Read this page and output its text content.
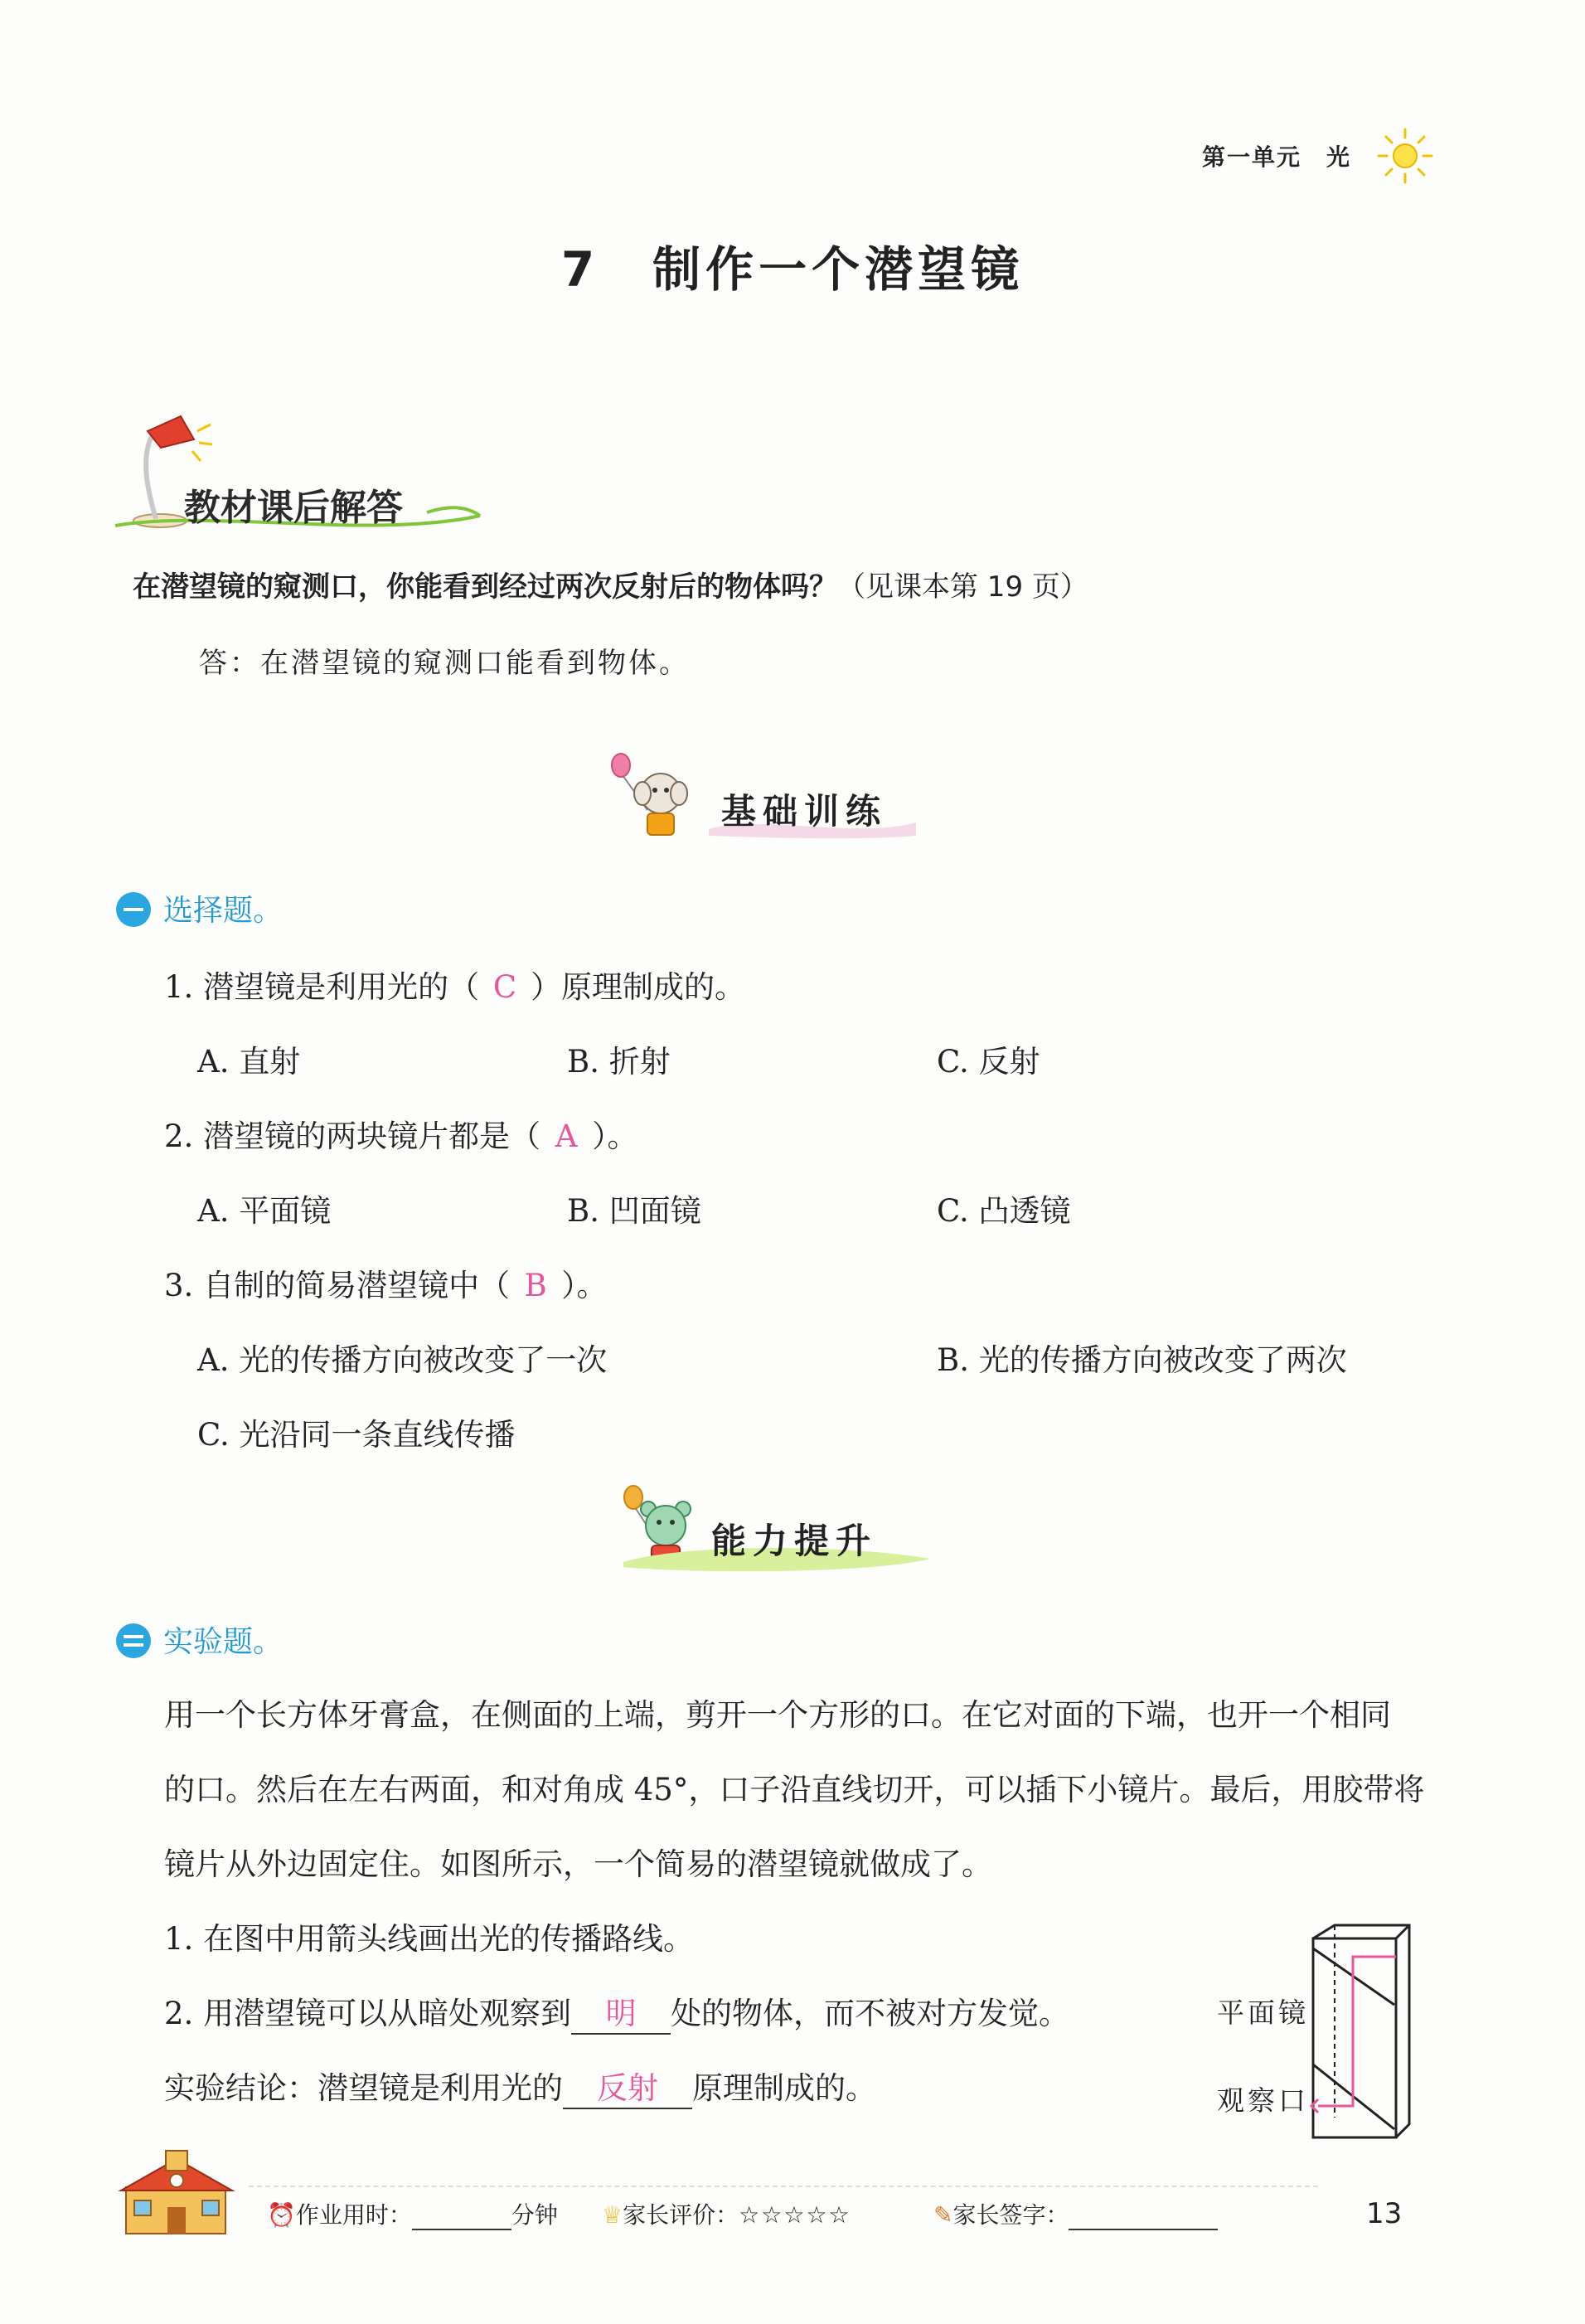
第一单元　光
7　制作一个潜望镜
教材课后解答
在潜望镜的窥测口，你能看到经过两次反射后的物体吗？（见课本第 19 页）
答：在潜望镜的窥测口能看到物体。
基础训练
选择题。
1. 潜望镜是利用光的（ C ）原理制成的。
A. 直射	B. 折射	C. 反射
2. 潜望镜的两块镜片都是（ A ）。
A. 平面镜	B. 凹面镜	C. 凸透镜
3. 自制的简易潜望镜中（ B ）。
A. 光的传播方向被改变了一次	B. 光的传播方向被改变了两次
C. 光沿同一条直线传播
能力提升
实验题。
用一个长方体牙膏盒，在侧面的上端，剪开一个方形的口。在它对面的下端，也开一个相同
的口。然后在左右两面，和对角成 45°，口子沿直线切开，可以插下小镜片。最后，用胶带将
镜片从外边固定住。如图所示，一个简易的潜望镜就做成了。
1. 在图中用箭头线画出光的传播路线。
2. 用潜望镜可以从暗处观察到 明 处的物体，而不被对方发觉。
实验结论：潜望镜是利用光的 反射 原理制成的。
平面镜
观察口
⏰作业用时：	分钟 ♕家长评价：☆☆☆☆☆	✎家长签字：	13
